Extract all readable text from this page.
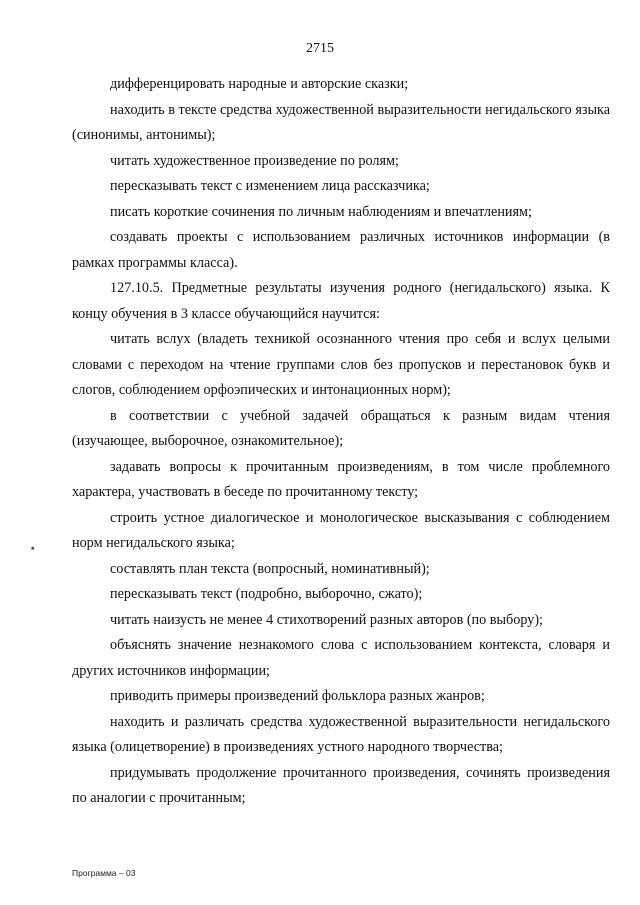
2715

дифференцировать народные и авторские сказки;

находить в тексте средства художественной выразительности негидальского языка (синонимы, антонимы);

читать художественное произведение по ролям;

пересказывать текст с изменением лица рассказчика;

писать короткие сочинения по личным наблюдениям и впечатлениям;

создавать проекты с использованием различных источников информации (в рамках программы класса).

127.10.5. Предметные результаты изучения родного (негидальского) языка. К концу обучения в 3 классе обучающийся научится:

читать вслух (владеть техникой осознанного чтения про себя и вслух целыми словами с переходом на чтение группами слов без пропусков и перестановок букв и слогов, соблюдением орфоэпических и интонационных норм);

в соответствии с учебной задачей обращаться к разным видам чтения (изучающее, выборочное, ознакомительное);

задавать вопросы к прочитанным произведениям, в том числе проблемного характера, участвовать в беседе по прочитанному тексту;

строить устное диалогическое и монологическое высказывания с соблюдением норм негидальского языка;

составлять план текста (вопросный, номинативный);

пересказывать текст (подробно, выборочно, сжато);

читать наизусть не менее 4 стихотворений разных авторов (по выбору);

объяснять значение незнакомого слова с использованием контекста, словаря и других источников информации;

приводить примеры произведений фольклора разных жанров;

находить и различать средства художественной выразительности негидальского языка (олицетворение) в произведениях устного народного творчества;

придумывать продолжение прочитанного произведения, сочинять произведения по аналогии с прочитанным;

٭
Программа – 03
